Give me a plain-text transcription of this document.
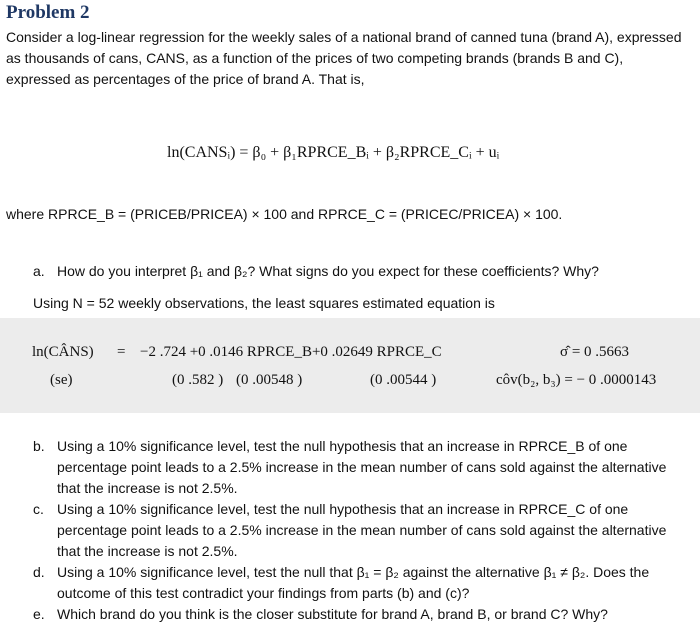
Problem 2

Consider a log-linear regression for the weekly sales of a national brand of canned tuna (brand A), expressed as thousands of cans, CANS, as a function of the prices of two competing brands (brands B and C), expressed as percentages of the price of brand A. That is,

ln(CANSᵢ) = β₀ + β₁RPRCE_Bᵢ + β₂RPRCE_Cᵢ + uᵢ
where RPRCE_B = (PRICEB/PRICEA) × 100 and RPRCE_C = (PRICEC/PRICEA) × 100.
a. How do you interpret β₁ and β₂? What signs do you expect for these coefficients? Why?
Using N = 52 weekly observations, the least squares estimated equation is
ln(CÂNS) = −2 .724 +0 .0146 RPRCE_B+0 .02649 RPRCE_C	σ̂ = 0 .5663
(se)	(0 .582 ) (0 .00548 )	(0 .00544 )	côv(b₂, b₃) = − 0 .0000143
b. Using a 10% significance level, test the null hypothesis that an increase in RPRCE_B of one percentage point leads to a 2.5% increase in the mean number of cans sold against the alternative that the increase is not 2.5%.
c. Using a 10% significance level, test the null hypothesis that an increase in RPRCE_C of one percentage point leads to a 2.5% increase in the mean number of cans sold against the alternative that the increase is not 2.5%.
d. Using a 10% significance level, test the null that β₁ = β₂ against the alternative β₁ ≠ β₂. Does the outcome of this test contradict your findings from parts (b) and (c)?
e. Which brand do you think is the closer substitute for brand A, brand B, or brand C? Why?
